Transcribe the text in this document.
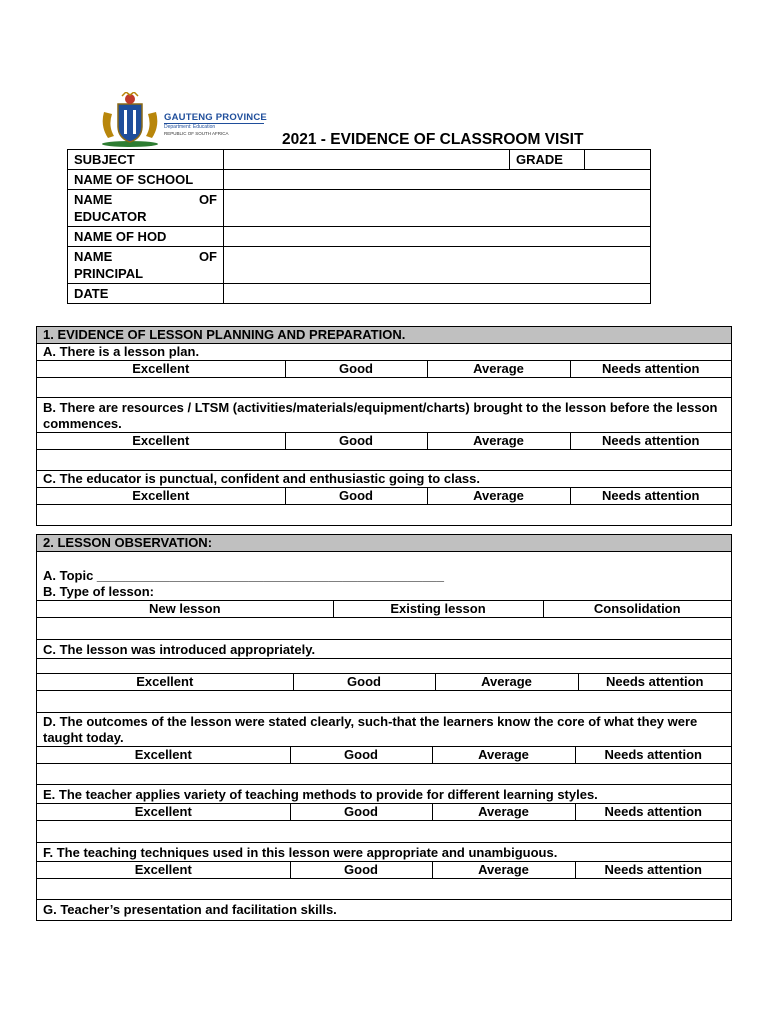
GAUTENG PROVINCE
Department: Education
REPUBLIC OF SOUTH AFRICA	2021 - EVIDENCE OF CLASSROOM VISIT
SUBJECT		GRADE	
NAME OF SCHOOL			

NAME OF
EDUCATOR			

NAME OF HOD			

NAME OF
PRINCIPAL			

DATE			
1. EVIDENCE OF LESSON PLANNING AND PREPARATION.
A. There is a lesson plan.

Excellent	Good	Average	Needs attention

B. There are resources / LTSM (activities/materials/equipment/charts) brought to the lesson before the lesson commences.

Excellent	Good	Average	Needs attention

C. The educator is punctual, confident and enthusiastic going to class.

Excellent	Good	Average	Needs attention

2. LESSON OBSERVATION:

A. Topic ________________________________________________
B. Type of lesson:

New lesson	Existing lesson	Consolidation

C. The lesson was introduced appropriately.

Excellent	Good	Average	Needs attention

D. The outcomes of the lesson were stated clearly, such-that the learners know the core of what they were taught today.

Excellent	Good	Average	Needs attention

E. The teacher applies variety of teaching methods to provide for different learning styles.

Excellent	Good	Average	Needs attention

F. The teaching techniques used in this lesson were appropriate and unambiguous.

Excellent	Good	Average	Needs attention

G. Teacher’s presentation and facilitation skills.
